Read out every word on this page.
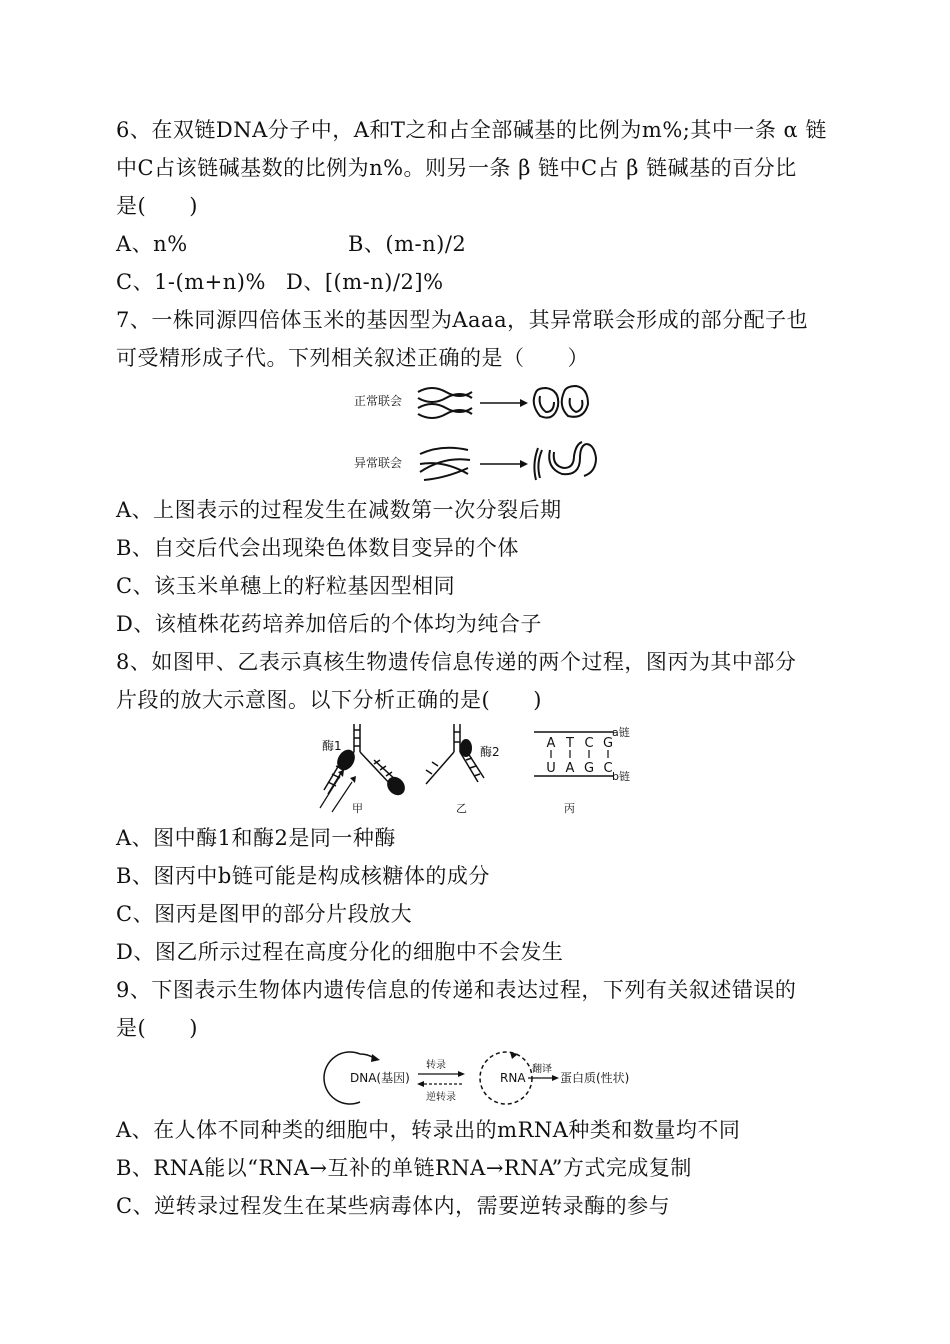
6、在双链DNA分子中，A和T之和占全部碱基的比例为m%;其中一条 α 链
中C占该链碱基数的比例为n%。则另一条 β 链中C占 β 链碱基的百分比
是(　　)
A、n%	B、(m-n)/2
C、1-(m+n)% D、[(m-n)/2]%
7、一株同源四倍体玉米的基因型为Aaaa，其异常联会形成的部分配子也
可受精形成子代。下列相关叙述正确的是（　　）
正常联会
异常联会
A、上图表示的过程发生在减数第一次分裂后期
B、自交后代会出现染色体数目变异的个体
C、该玉米单穗上的籽粒基因型相同
D、该植株花药培养加倍后的个体均为纯合子
8、如图甲、乙表示真核生物遗传信息传递的两个过程，图丙为其中部分
片段的放大示意图。以下分析正确的是(　　)
酶1
甲
酶2
乙
A T C G
U A G C
a链
b链
丙
A、图中酶1和酶2是同一种酶
B、图丙中b链可能是构成核糖体的成分
C、图丙是图甲的部分片段放大
D、图乙所示过程在高度分化的细胞中不会发生
9、下图表示生物体内遗传信息的传递和表达过程，下列有关叙述错误的
是(　　)
DNA(基因)
转录
逆转录
RNA
翻译
蛋白质(性状)
A、在人体不同种类的细胞中，转录出的mRNA种类和数量均不同
B、RNA能以“RNA→互补的单链RNA→RNA”方式完成复制
C、逆转录过程发生在某些病毒体内，需要逆转录酶的参与
